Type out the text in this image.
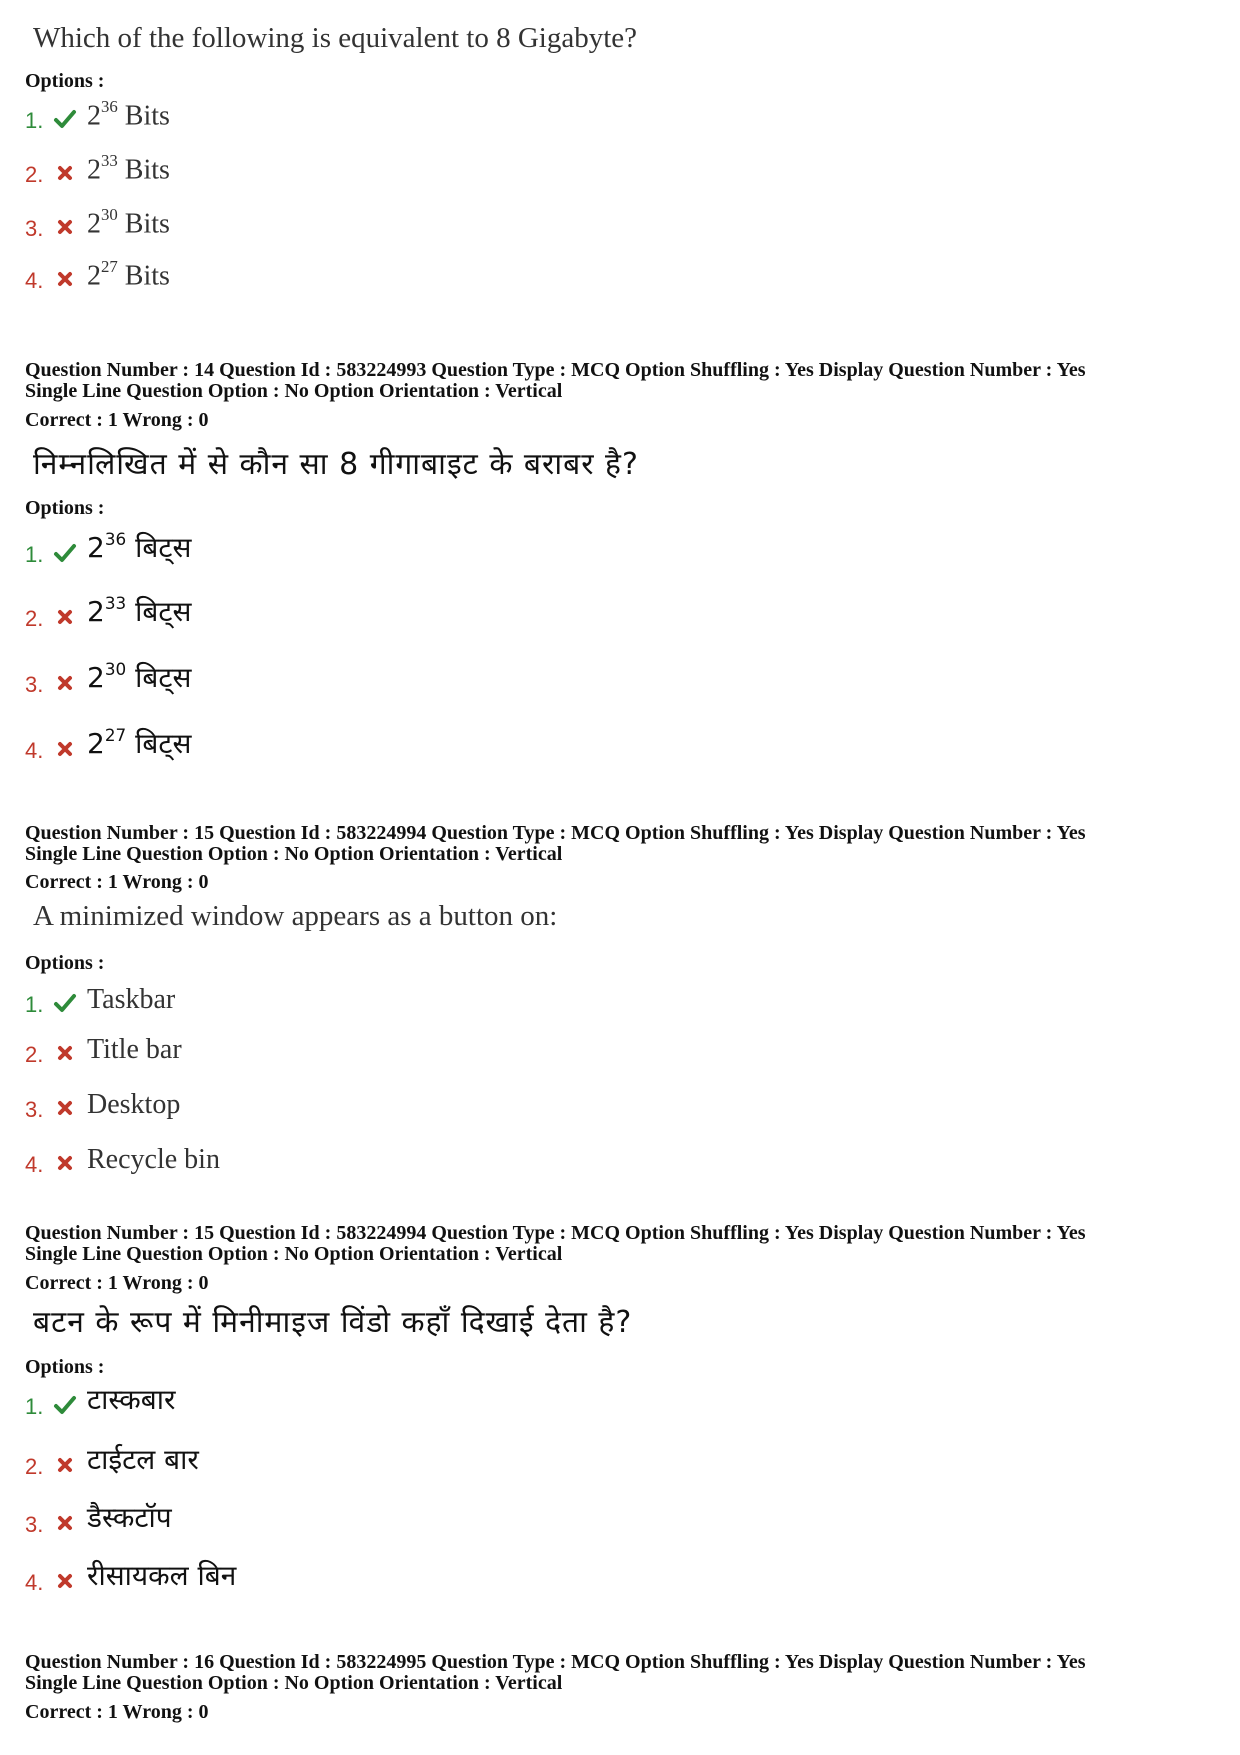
Which of the following is equivalent to 8 Gigabyte?
Options :
1. $2^{36}$ Bits
2. $2^{33}$ Bits
3. $2^{30}$ Bits
4. $2^{27}$ Bits
Question Number : 14 Question Id : 583224993 Question Type : MCQ Option Shuffling : Yes Display Question Number : Yes
Single Line Question Option : No Option Orientation : Vertical
Correct : 1 Wrong : 0
निम्नलिखित में से कौन सा 8 गीगाबाइट के बराबर है?
Options :
1. $2^{36}$ बिट्स
2. $2^{33}$ बिट्स
3. $2^{30}$ बिट्स
4. $2^{27}$ बिट्स
Question Number : 15 Question Id : 583224994 Question Type : MCQ Option Shuffling : Yes Display Question Number : Yes
Single Line Question Option : No Option Orientation : Vertical
Correct : 1 Wrong : 0
A minimized window appears as a button on:
Options :
1. Taskbar
2. Title bar
3. Desktop
4. Recycle bin
Question Number : 15 Question Id : 583224994 Question Type : MCQ Option Shuffling : Yes Display Question Number : Yes
Single Line Question Option : No Option Orientation : Vertical
Correct : 1 Wrong : 0
बटन के रूप में मिनीमाइज विंडो कहाँ दिखाई देता है?
Options :
1. टास्कबार
2. टाईटल बार
3. डैस्कटॉप
4. रीसायकल बिन
Question Number : 16 Question Id : 583224995 Question Type : MCQ Option Shuffling : Yes Display Question Number : Yes
Single Line Question Option : No Option Orientation : Vertical
Correct : 1 Wrong : 0
